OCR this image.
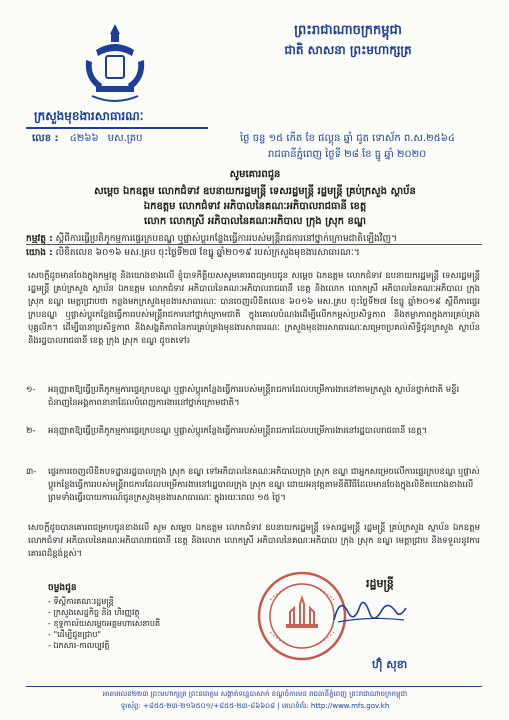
ព្រះរាជាណាចក្រកម្ពុជា
ជាតិ សាសនា ព្រះមហាក្សត្រ
ក្រសួងមុខងារសាធារណៈ
លេខ : ៤២៦៦ មស.គ្រប	ថ្ងៃ ចន្ទ ១៥ កើត ខែ ផល្គុន ឆ្នាំ ជូត ទោស័ក ព.ស.២៥៦៤
រាជធានីភ្នំពេញ ថ្ងៃទី ២៨ ខែ ធ្នូ ឆ្នាំ ២០២០
សូមគោរពជូន
សម្ដេច ឯកឧត្ដម លោកជំទាវ ឧបនាយករដ្ឋមន្ត្រី ទេសរដ្ឋមន្ត្រី រដ្ឋមន្ត្រី គ្រប់ក្រសួង ស្ថាប័ន
ឯកឧត្ដម លោកជំទាវ អភិបាលនៃគណៈអភិបាលរាជធានី ខេត្ត
លោក លោកស្រី អភិបាលនៃគណៈអភិបាល ក្រុង ស្រុក ខណ្ឌ
កម្មវត្ថុ : ស្ដីពីការធ្វើប្រតិភូកម្មការផ្ទេរក្របខណ្ឌ ឬផ្លាស់ប្ដូរកន្លែងធ្វើការរបស់មន្ត្រីរាជការនៅថ្នាក់ក្រោមជាតិឡើងវិញ។
យោង : លិខិតលេខ ៦០១៦ មស.គ្រប ចុះថ្ងៃទី២៧ ខែធ្នូ ឆ្នាំ២០១៩ របស់ក្រសួងមុខងារសាធារណៈ។
សេចក្ដីដូចមានចែងក្នុងកម្មវត្ថុ និងយោងខាងលើ ខ្ញុំបាទកិត្តិយសសូមគោរពជម្រាបជូន សម្ដេច ឯកឧត្ដម លោកជំទាវ ឧបនាយករដ្ឋមន្ត្រី ទេសរដ្ឋមន្ត្រី រដ្ឋមន្ត្រី គ្រប់ក្រសួង ស្ថាប័ន ឯកឧត្ដម លោកជំទាវ អភិបាលនៃគណៈអភិបាលរាជធានី ខេត្ត និងលោក លោកស្រី អភិបាលនៃគណៈអភិបាល ក្រុង ស្រុក ខណ្ឌ មេត្តាជ្រាបថា កន្លងមកក្រសួងមុខងារសាធារណៈ បានចេញលិខិតលេខ ៦០១៦ មស.គ្រប ចុះថ្ងៃទី២៧ ខែធ្នូ ឆ្នាំ២០១៩ ស្ដីពីការផ្ទេរក្របខណ្ឌ ឬផ្លាស់ប្ដូរកន្លែងធ្វើការរបស់មន្ត្រីរាជការនៅថ្នាក់ក្រោមជាតិ ក្នុងគោលបំណងដើម្បីលើកកម្ពស់ប្រសិទ្ធភាព និងតម្លាភាពក្នុងការគ្រប់គ្រងបុគ្គលិក។ ដើម្បីធានាប្រសិទ្ធភាព និងសង្គតិភាពនៃការគ្រប់គ្រងមុខងារសាធារណៈ ក្រសួងមុខងារសាធារណៈសម្រេចប្រគល់សិទ្ធិជូនក្រសួង ស្ថាប័ន និងរដ្ឋបាលរាជធានី ខេត្ត ក្រុង ស្រុក ខណ្ឌ ដូចតទៅ៖
១- អនុញ្ញាតឱ្យធ្វើប្រតិភូកម្មការផ្ទេរក្របខណ្ឌ ឬផ្លាស់ប្ដូរកន្លែងធ្វើការរបស់មន្ត្រីរាជការដែលបម្រើការងារនៅតាមក្រសួង ស្ថាប័នថ្នាក់ជាតិ មន្ទីរជំនាញនៃអង្គភាពនានាដែលបំពេញការងារនៅថ្នាក់ក្រោមជាតិ។
២- អនុញ្ញាតឱ្យធ្វើប្រតិភូកម្មការផ្ទេរក្របខណ្ឌ ឬផ្លាស់ប្ដូរកន្លែងធ្វើការរបស់មន្ត្រីរាជការដែលបម្រើការងារនៅរដ្ឋបាលរាជធានី ខេត្ត។
៣- ផ្ទេរការចេញលិខិតបទដ្ឋានរដ្ឋបាលក្រុង ស្រុក ខណ្ឌ ទៅអភិបាលនៃគណៈអភិបាលក្រុង ស្រុក ខណ្ឌ ជាអ្នកសម្រេចលើការផ្ទេរក្របខណ្ឌ ឬផ្លាស់ប្ដូរកន្លែងធ្វើការរបស់មន្ត្រីរាជការដែលបម្រើការងារនៅរដ្ឋបាលក្រុង ស្រុក ខណ្ឌ ដោយអនុវត្តតាមនីតិវិធីដែលមានចែងក្នុងលិខិតយោងខាងលើ ព្រមទាំងធ្វើរបាយការណ៍ជូនក្រសួងមុខងារសាធារណៈ ក្នុងរយៈពេល ១៥ ថ្ងៃ។
សេចក្ដីដូចបានគោរពជម្រាបជូនខាងលើ សូម សម្ដេច ឯកឧត្ដម លោកជំទាវ ឧបនាយករដ្ឋមន្ត្រី ទេសរដ្ឋមន្ត្រី រដ្ឋមន្ត្រី គ្រប់ក្រសួង ស្ថាប័ន ឯកឧត្ដម លោកជំទាវ អភិបាលនៃគណៈអភិបាលរាជធានី ខេត្ត និងលោក លោកស្រី អភិបាលនៃគណៈអភិបាល ក្រុង ស្រុក ខណ្ឌ មេត្តាជ្រាប និងទទួលនូវការគោរពដ៏ខ្ពង់ខ្ពស់។
ចម្លងជូន
- ទីស្ដីការគណៈរដ្ឋមន្ត្រី
- ក្រសួងសេដ្ឋកិច្ច និង ហិរញ្ញវត្ថុ
- ខុទ្ទកាល័យសម្ដេចអគ្គមហាសេនាបតី
- "ដើម្បីជូនជ្រាប"
- ឯកសារ-កាលប្បវត្តិ
រដ្ឋមន្ត្រី
ហ៊ុំ សុខា
អាគារលេខ២២៣ ព្រះមហាក្សត្រ ព្រះនរោត្តម សង្កាត់ទន្លេបាសាក់ ខណ្ឌចំការមន រាជធានីភ្នំពេញ ព្រះរាជាណាចក្រកម្ពុជា
ទូរស័ព្ទ: +៨៥៥-២៣-២១៦៥០១/+៨៥៥-២៣-៨៦៦០៨ | គេហទំព័រ: http://www.mfs.gov.kh
